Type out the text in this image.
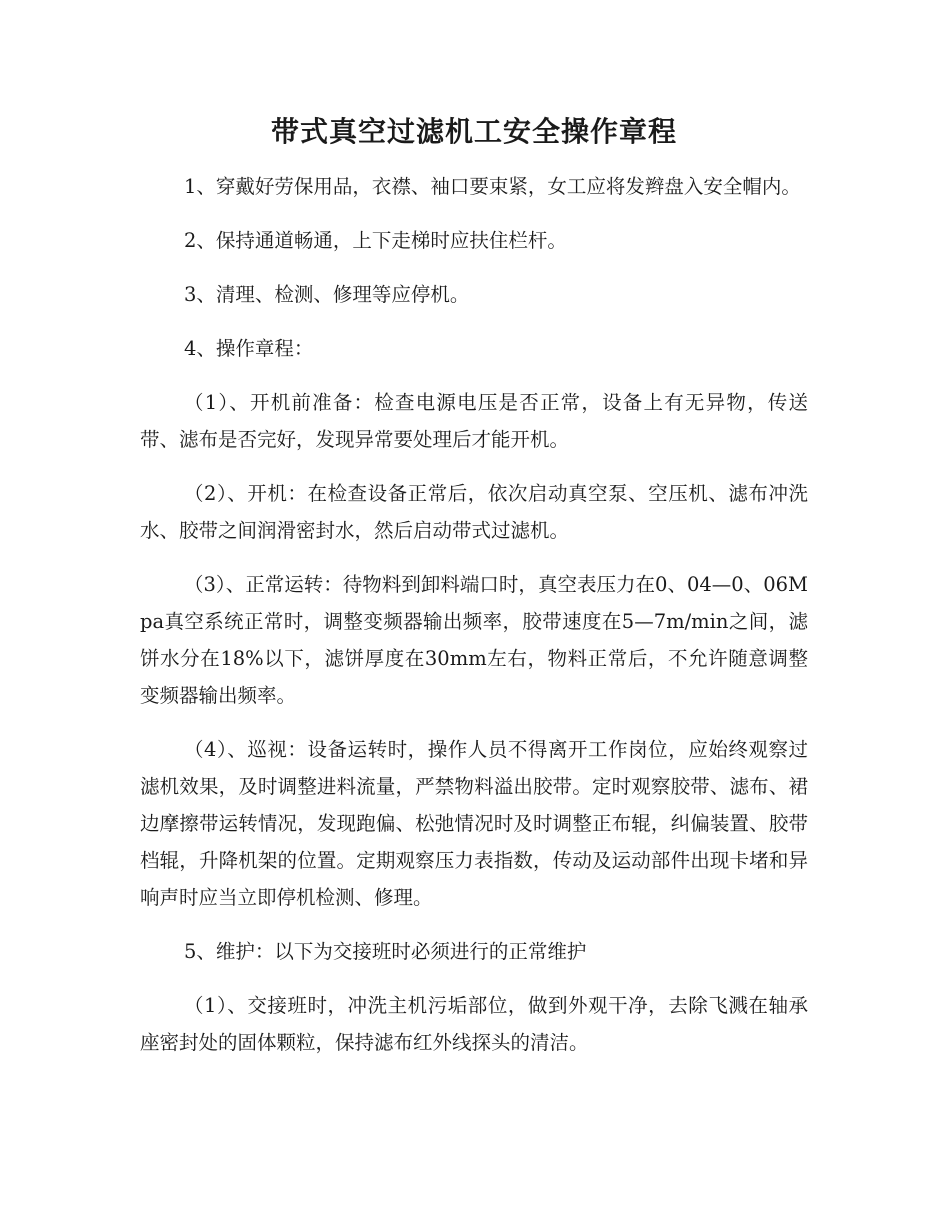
带式真空过滤机工安全操作章程

1、穿戴好劳保用品，衣襟、袖口要束紧，女工应将发辫盘入安全帽内。

2、保持通道畅通，上下走梯时应扶住栏杆。

3、清理、检测、修理等应停机。

4、操作章程：

（1）、开机前准备：检查电源电压是否正常，设备上有无异物，传送带、滤布是否完好，发现异常要处理后才能开机。

（2）、开机：在检查设备正常后，依次启动真空泵、空压机、滤布冲洗水、胶带之间润滑密封水，然后启动带式过滤机。

（3）、正常运转：待物料到卸料端口时，真空表压力在0、04—0、06Mpa真空系统正常时，调整变频器输出频率，胶带速度在5—7m/min之间，滤饼水分在18%以下，滤饼厚度在30mm左右，物料正常后，不允许随意调整变频器输出频率。

（4）、巡视：设备运转时，操作人员不得离开工作岗位，应始终观察过滤机效果，及时调整进料流量，严禁物料溢出胶带。定时观察胶带、滤布、裙边摩擦带运转情况，发现跑偏、松弛情况时及时调整正布辊，纠偏装置、胶带档辊，升降机架的位置。定期观察压力表指数，传动及运动部件出现卡堵和异响声时应当立即停机检测、修理。

5、维护：以下为交接班时必须进行的正常维护

（1）、交接班时，冲洗主机污垢部位，做到外观干净，去除飞溅在轴承座密封处的固体颗粒，保持滤布红外线探头的清洁。
